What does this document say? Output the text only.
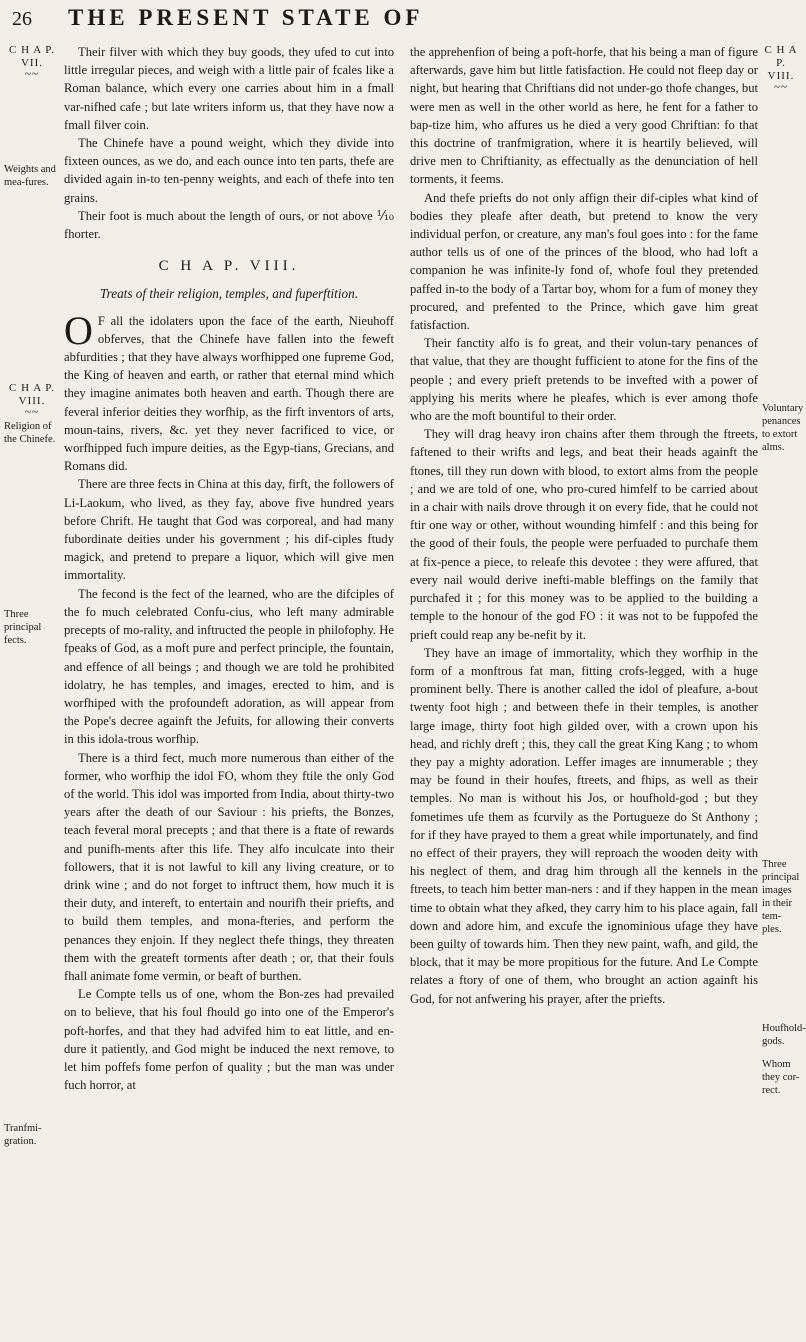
26 THE PRESENT STATE OF
C H A P. VII.
~~
Weights and mea-fures.
C H A P. VIII.
~~
Religion of the Chinefe.
Three principal fects.
Tranfmi-gration.
C H A P. VIII.
~~
Voluntary penances to extort alms.
Three principal images in their tem-ples.
Houfhold-gods.
Whom they cor-rect.

Their filver with which they buy goods, they ufed to cut into little irregular pieces, and weigh with a little pair of fcales like a Roman balance, which every one carries about him in a fmall var-nifhed cafe ; but late writers inform us, that they have now a fmall filver coin.

The Chinefe have a pound weight, which they divide into fixteen ounces, as we do, and each ounce into ten parts, thefe are divided again in-to ten-penny weights, and each of thefe into ten grains.

Their foot is much about the length of ours, or not above ⅒ fhorter.

C H A P. VIII.
Treats of their religion, temples, and fuperftition.

O F all the idolaters upon the face of the earth, Nieuhoff obferves, that the Chinefe have fallen into the feweft abfurdities ; that they have always worfhipped one fupreme God, the King of heaven and earth, or rather that eternal mind which they imagine animates both heaven and earth. Though there are feveral inferior deities they worfhip, as the firft inventors of arts, moun-tains, rivers, &c. yet they never facrificed to vice, or worfhipped fuch impure deities, as the Egyp-tians, Grecians, and Romans did.

There are three fects in China at this day, firft, the followers of Li-Laokum, who lived, as they fay, above five hundred years before Chrift. He taught that God was corporeal, and had many fubordinate deities under his government ; his dif-ciples ftudy magick, and pretend to prepare a liquor, which will give men immortality.

The fecond is the fect of the learned, who are the difciples of the fo much celebrated Confu-cius, who left many admirable precepts of mo-rality, and inftructed the people in philofophy. He fpeaks of God, as a moft pure and perfect principle, the fountain, and effence of all beings ; and though we are told he prohibited idolatry, he has temples, and images, erected to him, and is worfhiped with the profoundeft adoration, as will appear from the Pope's decree againft the Jefuits, for allowing their converts in this idola-trous worfhip.

There is a third fect, much more numerous than either of the former, who worfhip the idol FO, whom they ftile the only God of the world. This idol was imported from India, about thirty-two years after the death of our Saviour : his priefts, the Bonzes, teach feveral moral precepts ; and that there is a ftate of rewards and punifh-ments after this life. They alfo inculcate into their followers, that it is not lawful to kill any living creature, or to drink wine ; and do not forget to inftruct them, how much it is their duty, and intereft, to entertain and nourifh their priefts, and to build them temples, and mona-fteries, and perform the penances they enjoin. If they neglect thefe things, they threaten them with the greateft torments after death ; or, that their fouls fhall animate fome vermin, or beaft of burthen.

Le Compte tells us of one, whom the Bon-zes had prevailed on to believe, that his foul fhould go into one of the Emperor's poft-horfes, and that they had advifed him to eat little, and en-dure it patiently, and God might be induced the next remove, to let him poffefs fome perfon of quality ; but the man was under fuch horror, at

the apprehenfion of being a poft-horfe, that his being a man of figure afterwards, gave him but little fatisfaction. He could not fleep day or night, but hearing that Chriftians did not under-go thofe changes, but were men as well in the other world as here, he fent for a father to bap-tize him, who affures us he died a very good Chriftian: fo that this doctrine of tranfmigration, where it is heartily believed, will drive men to Chriftianity, as effectually as the denunciation of hell torments, it feems.

And thefe priefts do not only affign their dif-ciples what kind of bodies they pleafe after death, but pretend to know the very individual perfon, or creature, any man's foul goes into : for the fame author tells us of one of the princes of the blood, who had loft a companion he was infinite-ly fond of, whofe foul they pretended paffed in-to the body of a Tartar boy, whom for a fum of money they procured, and prefented to the Prince, which gave him great fatisfaction.

Their fanctity alfo is fo great, and their volun-tary penances of that value, that they are thought fufficient to atone for the fins of the people ; and every prieft pretends to be invefted with a power of applying his merits where he pleafes, which is ever among thofe who are the moft bountiful to their order.

They will drag heavy iron chains after them through the ftreets, faftened to their wrifts and legs, and beat their heads againft the ftones, till they run down with blood, to extort alms from the people ; and we are told of one, who pro-cured himfelf to be carried about in a chair with nails drove through it on every fide, that he could not ftir one way or other, without wounding himfelf : and this being for the good of their fouls, the people were perfuaded to purchafe them at fix-pence a piece, to releafe this devotee : they were affured, that every nail would derive inefti-mable bleffings on the family that purchafed it ; for this money was to be applied to the building a temple to the honour of the god FO : it was not to be fuppofed the prieft could reap any be-nefit by it.

They have an image of immortality, which they worfhip in the form of a monftrous fat man, fitting crofs-legged, with a huge prominent belly. There is another called the idol of pleafure, a-bout twenty foot high ; and between thefe in their temples, is another large image, thirty foot high gilded over, with a crown upon his head, and richly dreft ; this, they call the great King Kang ; to whom they pay a mighty adoration. Leffer images are innumerable ; they may be found in their houfes, ftreets, and fhips, as well as their temples. No man is without his Jos, or houfhold-god ; but they fometimes ufe them as fcurvily as the Portugueze do St Anthony ; for if they have prayed to them a great while importunately, and find no effect of their prayers, they will reproach the wooden deity with his neglect of them, and drag him through all the kennels in the ftreets, to teach him better man-ners : and if they happen in the mean time to obtain what they afked, they carry him to his place again, fall down and adore him, and excufe the ignominious ufage they have been guilty of towards him. Then they new paint, wafh, and gild, the block, that it may be more propitious for the future. And Le Compte relates a ftory of one of them, who brought an action againft his God, for not anfwering his prayer, after the priefts.
